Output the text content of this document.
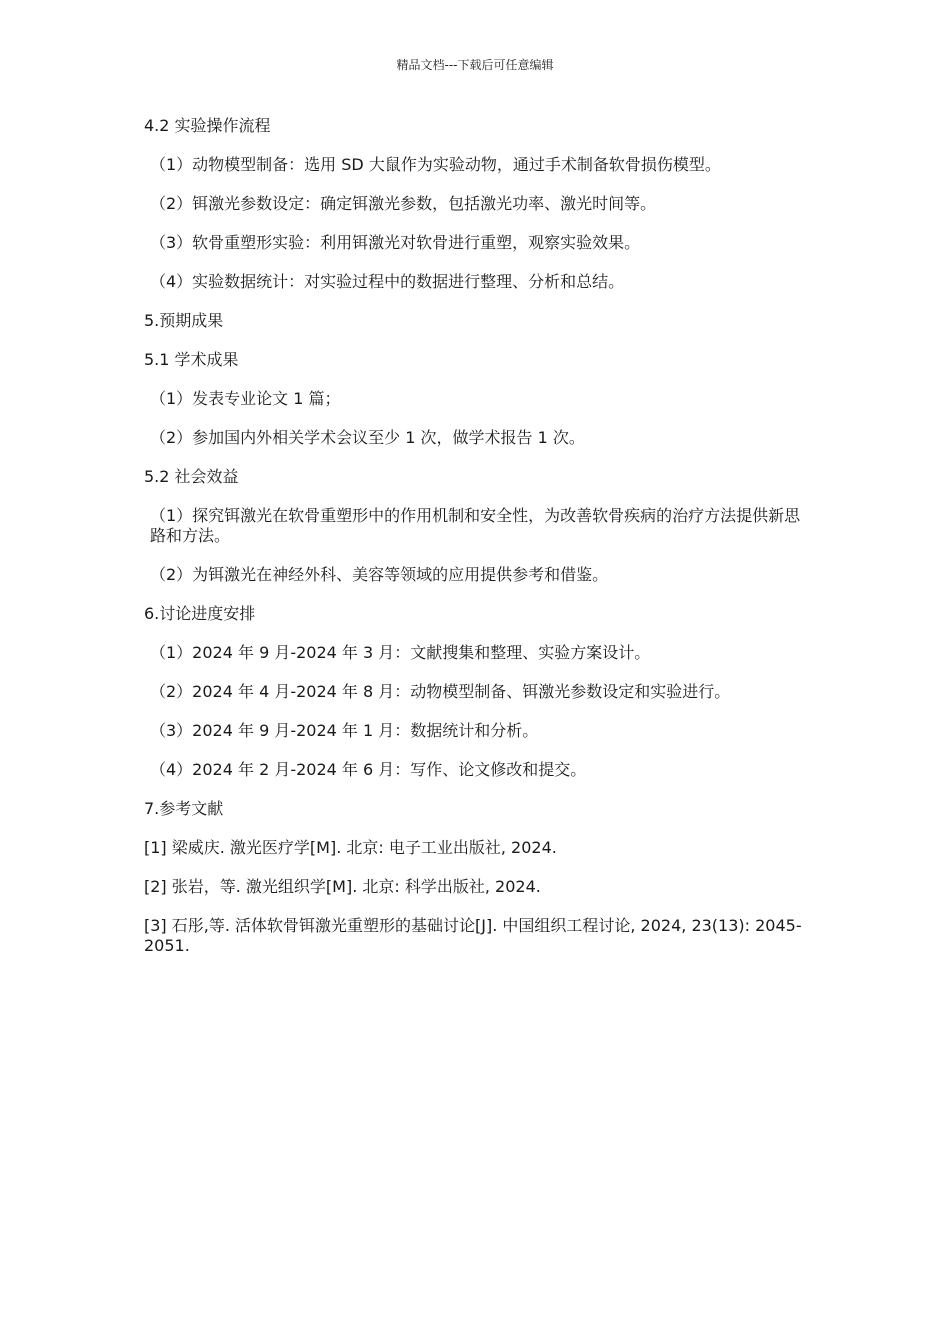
精品文档---下载后可任意编辑

4.2 实验操作流程

（1）动物模型制备：选用 SD 大鼠作为实验动物，通过手术制备软骨损伤模型。

（2）铒激光参数设定：确定铒激光参数，包括激光功率、激光时间等。

（3）软骨重塑形实验：利用铒激光对软骨进行重塑，观察实验效果。

（4）实验数据统计：对实验过程中的数据进行整理、分析和总结。

5.预期成果

5.1 学术成果

（1）发表专业论文 1 篇；

（2）参加国内外相关学术会议至少 1 次，做学术报告 1 次。

5.2 社会效益

（1）探究铒激光在软骨重塑形中的作用机制和安全性，为改善软骨疾病的治疗方法提供新思路和方法。

（2）为铒激光在神经外科、美容等领域的应用提供参考和借鉴。

6.讨论进度安排

（1）2024 年 9 月-2024 年 3 月：文献搜集和整理、实验方案设计。

（2）2024 年 4 月-2024 年 8 月：动物模型制备、铒激光参数设定和实验进行。

（3）2024 年 9 月-2024 年 1 月：数据统计和分析。

（4）2024 年 2 月-2024 年 6 月：写作、论文修改和提交。

7.参考文献

[1] 梁威庆. 激光医疗学[M]. 北京: 电子工业出版社, 2024.

[2] 张岩，等. 激光组织学[M]. 北京: 科学出版社, 2024.

[3] 石彤,等. 活体软骨铒激光重塑形的基础讨论[J]. 中国组织工程讨论, 2024, 23(13): 2045-2051.
